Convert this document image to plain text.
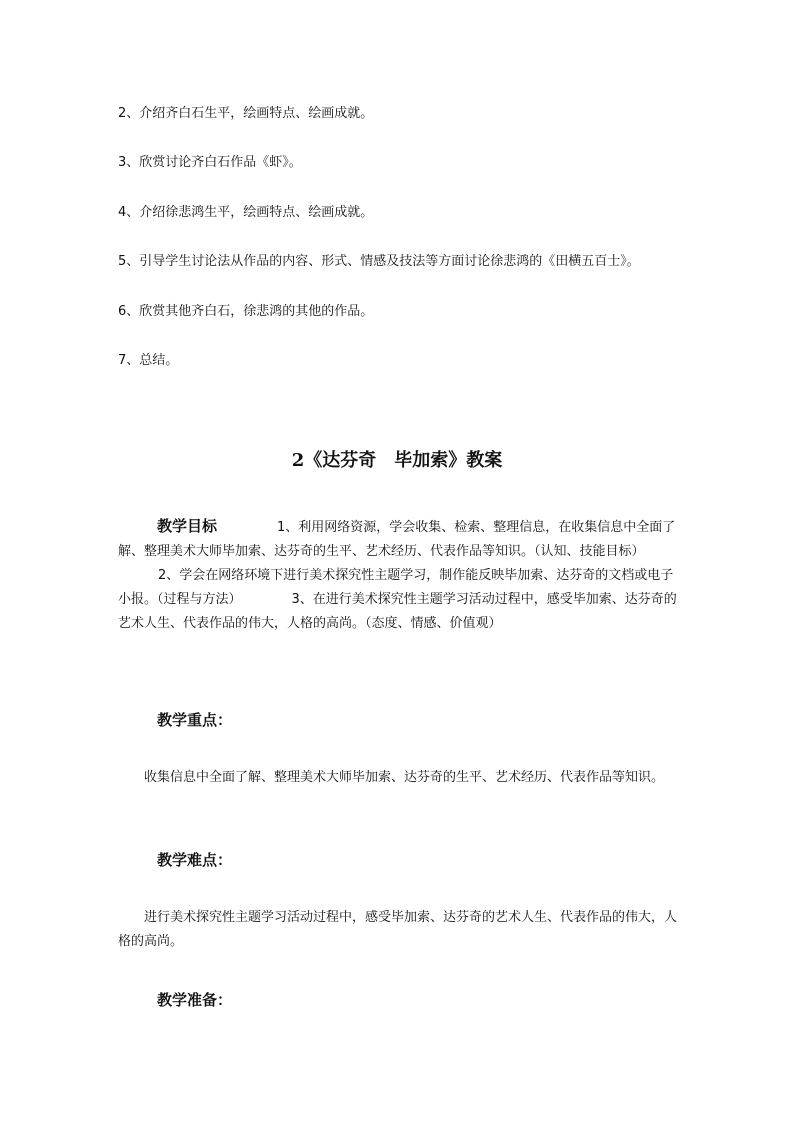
2、介绍齐白石生平，绘画特点、绘画成就。
3、欣赏讨论齐白石作品《虾》。
4、介绍徐悲鸿生平，绘画特点、绘画成就。
5、引导学生讨论法从作品的内容、形式、情感及技法等方面讨论徐悲鸿的《田横五百士》。
6、欣赏其他齐白石，徐悲鸿的其他的作品。
7、总结。
2《达芬奇　毕加索》教案
教学目标	1、利用网络资源，学会收集、检索、整理信息，在收集信息中全面了解、整理美术大师毕加索、达芬奇的生平、艺术经历、代表作品等知识。（认知、技能目标）2、学会在网络环境下进行美术探究性主题学习，制作能反映毕加索、达芬奇的文档或电子小报。（过程与方法）	3、在进行美术探究性主题学习活动过程中，感受毕加索、达芬奇的艺术人生、代表作品的伟大，人格的高尚。（态度、情感、价值观）
教学重点：
收集信息中全面了解、整理美术大师毕加索、达芬奇的生平、艺术经历、代表作品等知识。
教学难点：
进行美术探究性主题学习活动过程中，感受毕加索、达芬奇的艺术人生、代表作品的伟大，人格的高尚。
教学准备：
